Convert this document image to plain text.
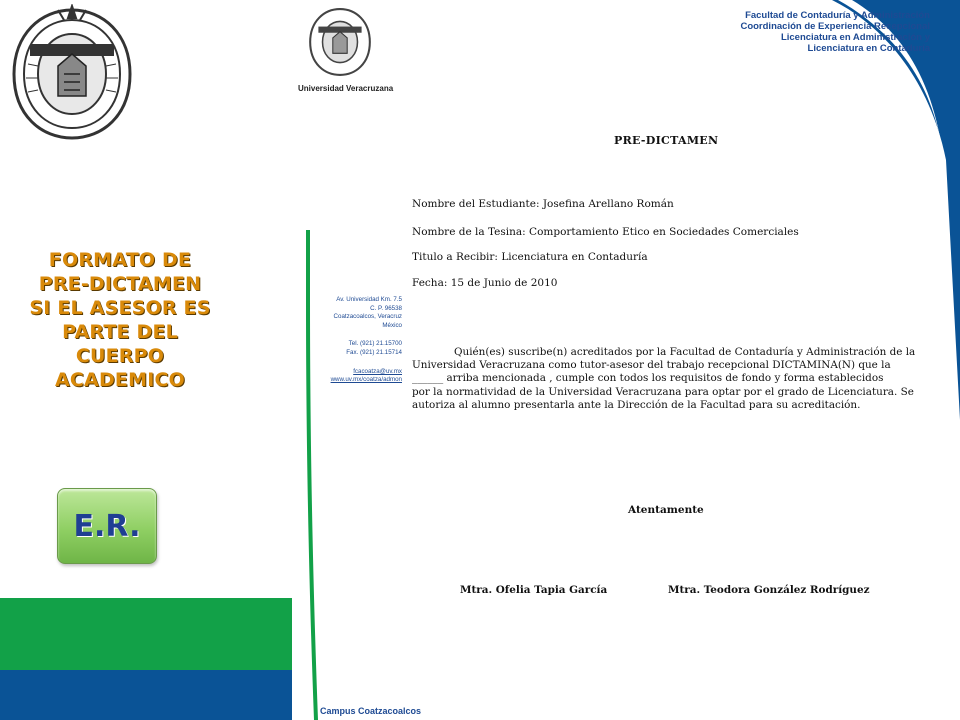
FORMATO DE
PRE-DICTAMEN
SI EL ASESOR ES
PARTE DEL
CUERPO
ACADEMICO
E.R.
Universidad Veracruzana
Facultad de Contaduría y Administración
Coordinación de Experiencia Recepcional
Licenciatura en Administración y
Licenciatura en Contaduría
Av. Universidad Km. 7.5
C. P. 96538
Coatzacoalcos, Veracruz
México
Tel. (921) 21.15700
Fax. (921) 21.15714
fcacoatza@uv.mx
www.uv.mx/coatza/admon
PRE-DICTAMEN
Nombre del Estudiante: Josefina Arellano Román
Nombre de la Tesina: Comportamiento Etico en Sociedades Comerciales
Titulo a Recibir: Licenciatura en Contaduría
Fecha: 15 de Junio de 2010
Quién(es) suscribe(n) acreditados por la Facultad de Contaduría y Administración de la
Universidad Veracruzana como tutor-asesor del trabajo recepcional DICTAMINA(N) que la
______ arriba mencionada , cumple con todos los requisitos de fondo y forma establecidos
por la normatividad de la Universidad Veracruzana para optar por el grado de Licenciatura. Se
autoriza al alumno presentarla ante la Dirección de la Facultad para su acreditación.
Atentamente
Mtra. Ofelia Tapia García	Mtra. Teodora González Rodríguez
Campus Coatzacoalcos
